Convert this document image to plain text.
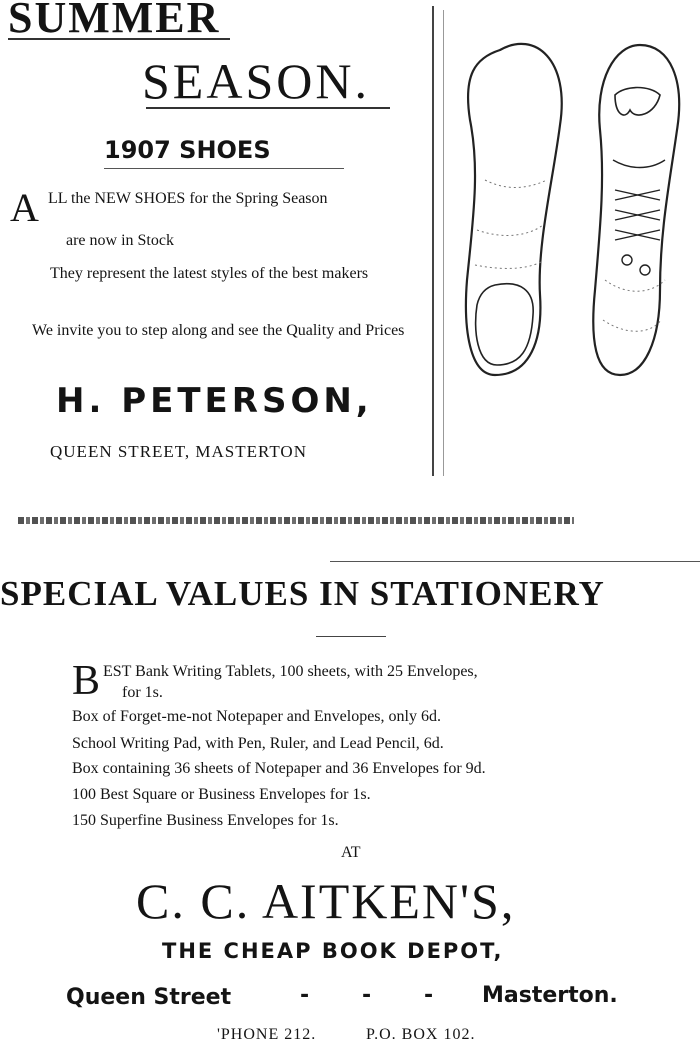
SUMMER
SEASON.
1907 SHOES
A LL the NEW SHOES for the Spring Season
are now in Stock
They represent the latest styles of the best makers
We invite you to step along and see the Quality and Prices
H. PETERSON,
QUEEN STREET, MASTERTON
SPECIAL VALUES IN STATIONERY
B EST Bank Writing Tablets, 100 sheets, with 25 Envelopes,
for 1s.
Box of Forget-me-not Notepaper and Envelopes, only 6d.
School Writing Pad, with Pen, Ruler, and Lead Pencil, 6d.
Box containing 36 sheets of Notepaper and 36 Envelopes for 9d.
100 Best Square or Business Envelopes for 1s.
150 Superfine Business Envelopes for 1s.
AT
C. C. AITKEN'S,
THE CHEAP BOOK DEPOT,
Queen Street	- - - Masterton.
'PHONE 212.	P.O. BOX 102.
